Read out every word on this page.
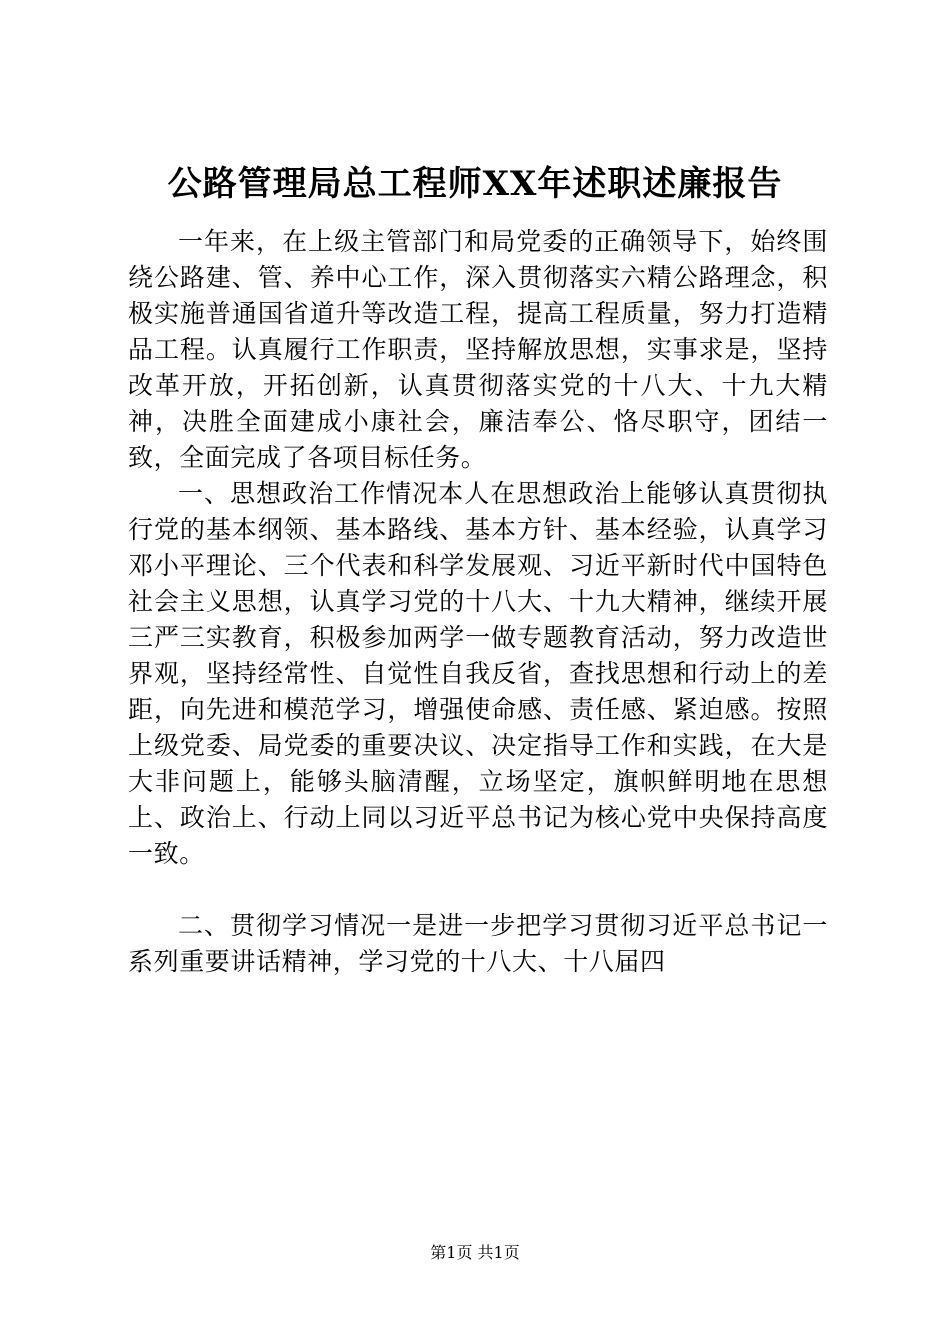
公路管理局总工程师XX年述职述廉报告

一年来，在上级主管部门和局党委的正确领导下，始终围绕公路建、管、养中心工作，深入贯彻落实六精公路理念，积极实施普通国省道升等改造工程，提高工程质量，努力打造精品工程。认真履行工作职责，坚持解放思想，实事求是，坚持改革开放，开拓创新，认真贯彻落实党的十八大、十九大精神，决胜全面建成小康社会，廉洁奉公、恪尽职守，团结一致，全面完成了各项目标任务。

一、思想政治工作情况本人在思想政治上能够认真贯彻执行党的基本纲领、基本路线、基本方针、基本经验，认真学习邓小平理论、三个代表和科学发展观、习近平新时代中国特色社会主义思想，认真学习党的十八大、十九大精神，继续开展三严三实教育，积极参加两学一做专题教育活动，努力改造世界观，坚持经常性、自觉性自我反省，查找思想和行动上的差距，向先进和模范学习，增强使命感、责任感、紧迫感。按照上级党委、局党委的重要决议、决定指导工作和实践，在大是大非问题上，能够头脑清醒，立场坚定，旗帜鲜明地在思想上、政治上、行动上同以习近平总书记为核心党中央保持高度一致。

二、贯彻学习情况一是进一步把学习贯彻习近平总书记一系列重要讲话精神，学习党的十八大、十八届四

第1页 共1页
